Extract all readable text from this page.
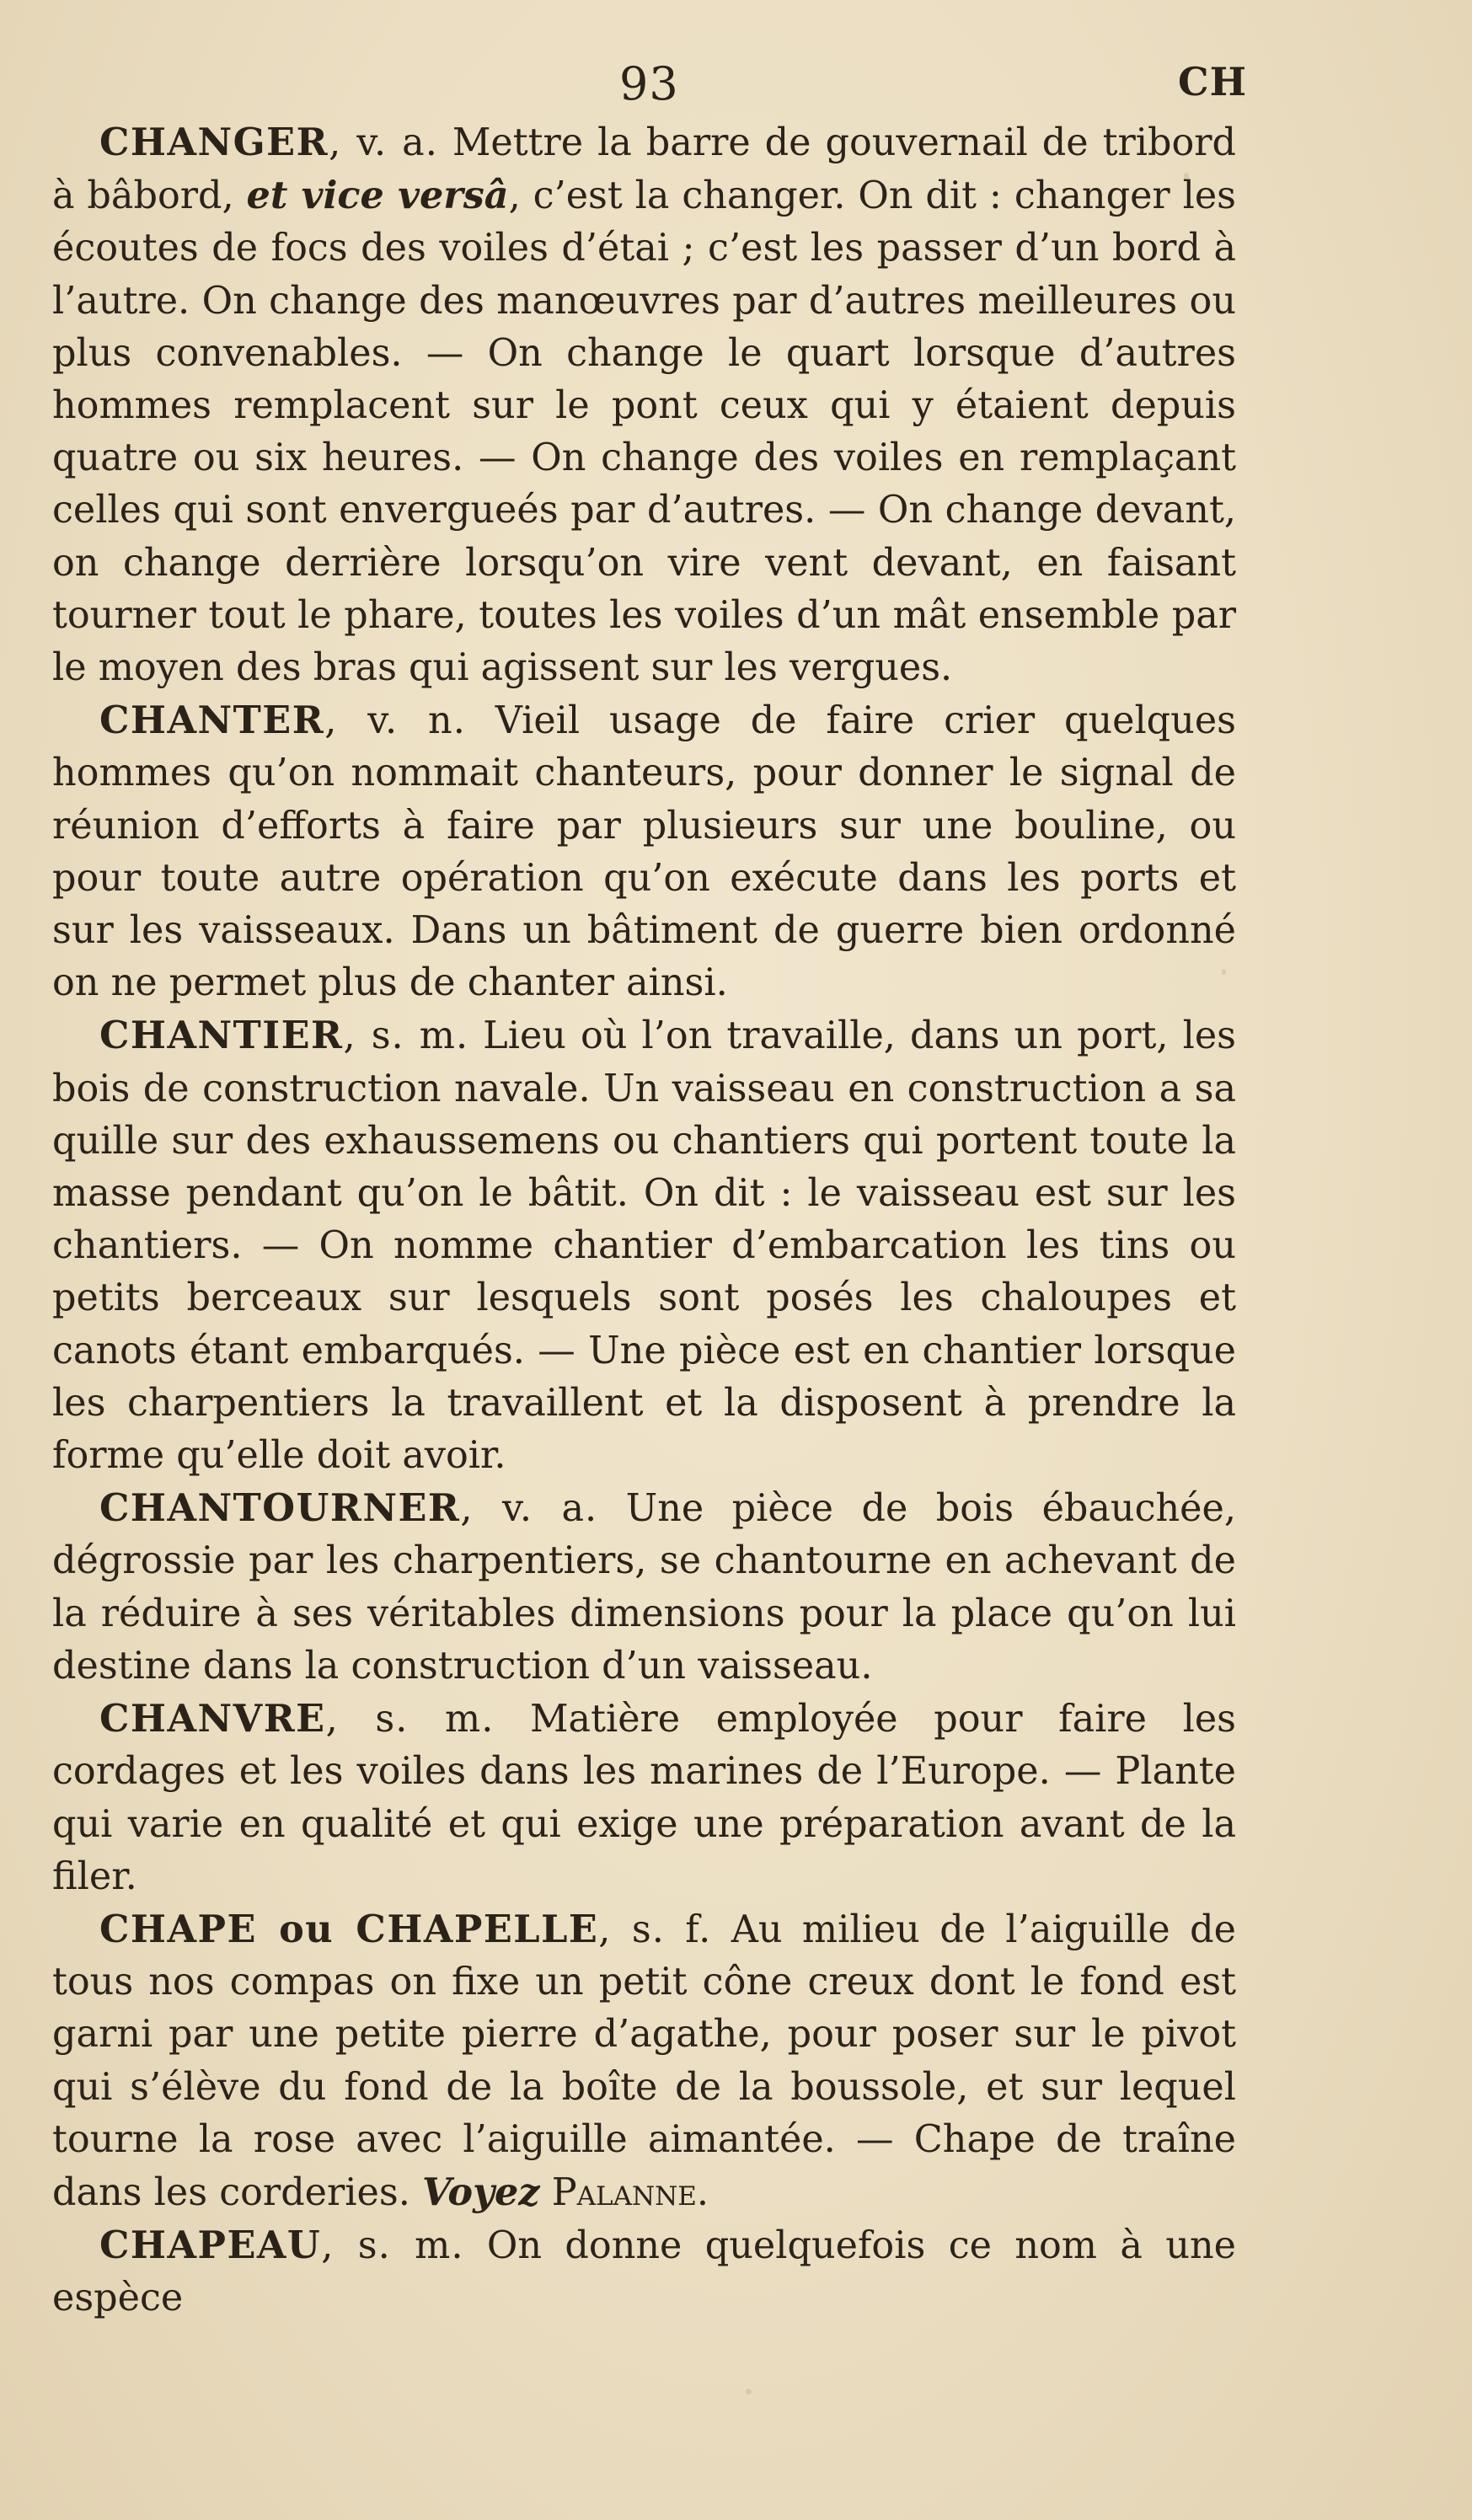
93	CH

CHANGER, v. a. Mettre la barre de gouvernail de tribord à bâbord, et vice versâ, c’est la changer. On dit : changer les écoutes de focs des voiles d’étai ; c’est les passer d’un bord à l’autre. On change des manœuvres par d’autres meilleures ou plus convenables. — On change le quart lorsque d’autres hommes remplacent sur le pont ceux qui y étaient depuis quatre ou six heures. — On change des voiles en remplaçant celles qui sont envergueés par d’autres. — On change devant, on change derrière lorsqu’on vire vent devant, en faisant tourner tout le phare, toutes les voiles d’un mât ensemble par le moyen des bras qui agissent sur les vergues.

CHANTER, v. n. Vieil usage de faire crier quelques hommes qu’on nommait chanteurs, pour donner le signal de réunion d’efforts à faire par plusieurs sur une bouline, ou pour toute autre opération qu’on exécute dans les ports et sur les vaisseaux. Dans un bâtiment de guerre bien ordonné on ne permet plus de chanter ainsi.

CHANTIER, s. m. Lieu où l’on travaille, dans un port, les bois de construction navale. Un vaisseau en construction a sa quille sur des exhaussemens ou chantiers qui portent toute la masse pendant qu’on le bâtit. On dit : le vaisseau est sur les chantiers. — On nomme chantier d’embarcation les tins ou petits berceaux sur lesquels sont posés les chaloupes et canots étant embarqués. — Une pièce est en chantier lorsque les charpentiers la travaillent et la disposent à prendre la forme qu’elle doit avoir.

CHANTOURNER, v. a. Une pièce de bois ébauchée, dégrossie par les charpentiers, se chantourne en achevant de la réduire à ses véritables dimensions pour la place qu’on lui destine dans la construction d’un vaisseau.

CHANVRE, s. m. Matière employée pour faire les cordages et les voiles dans les marines de l’Europe. — Plante qui varie en qualité et qui exige une préparation avant de la filer.

CHAPE ou CHAPELLE, s. f. Au milieu de l’aiguille de tous nos compas on fixe un petit cône creux dont le fond est garni par une petite pierre d’agathe, pour poser sur le pivot qui s’élève du fond de la boîte de la boussole, et sur lequel tourne la rose avec l’aiguille aimantée. — Chape de traîne dans les corderies. Voyez Palanne.

CHAPEAU, s. m. On donne quelquefois ce nom à une espèce
